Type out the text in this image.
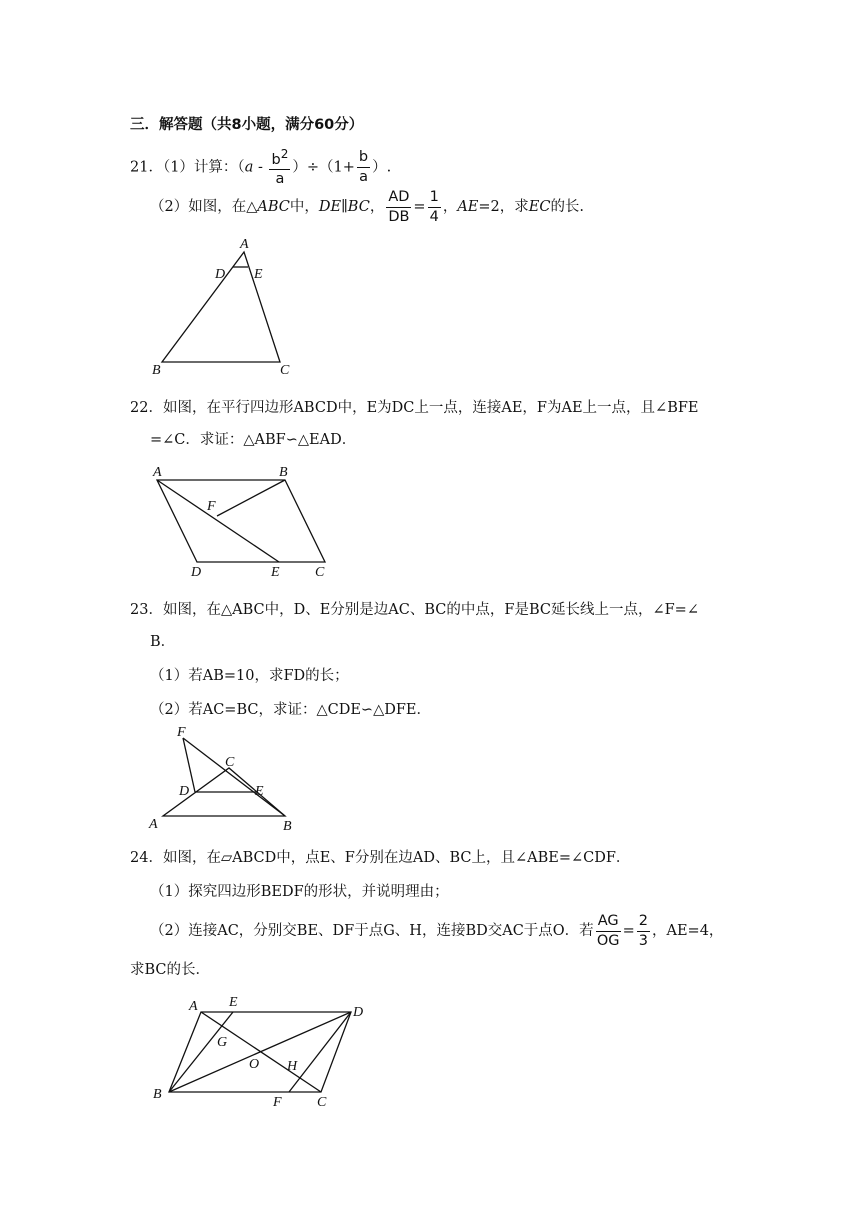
三．解答题（共8小题，满分60分）
21．（1）计算：$(a - \frac{b^2}{a} )\div(1+ \frac{b}{a}$ ）.
（2）如图，在△ABC中，DE∥BC， $\frac{AD}{DB} = \frac{1}{4}$ ，AE=2，求EC的长.
A
D E
B	C
22．如图，在平行四边形ABCD中，E为DC上一点，连接AE，F为AE上一点，且∠BFE
=∠C．求证：△ABF∽△EAD．
A	B
F
D	E	C
23．如图，在△ABC中，D、E分别是边AC、BC的中点，F是BC延长线上一点，∠F=∠
B．
（1）若AB=10，求FD的长；
（2）若AC=BC，求证：△CDE∽△DFE．
F
C
D	E
A	B
24．如图，在▱ABCD中，点E、F分别在边AD、BC上，且∠ABE=∠CDF．
（1）探究四边形BEDF的形状，并说明理由；
（2）连接AC，分别交BE、DF于点G、H，连接BD交AC于点O．若 $\frac{AG}{OG} = \frac{2}{3}$ ，AE=4，
求BC的长．
A E
D
G
O H
B
F	C
